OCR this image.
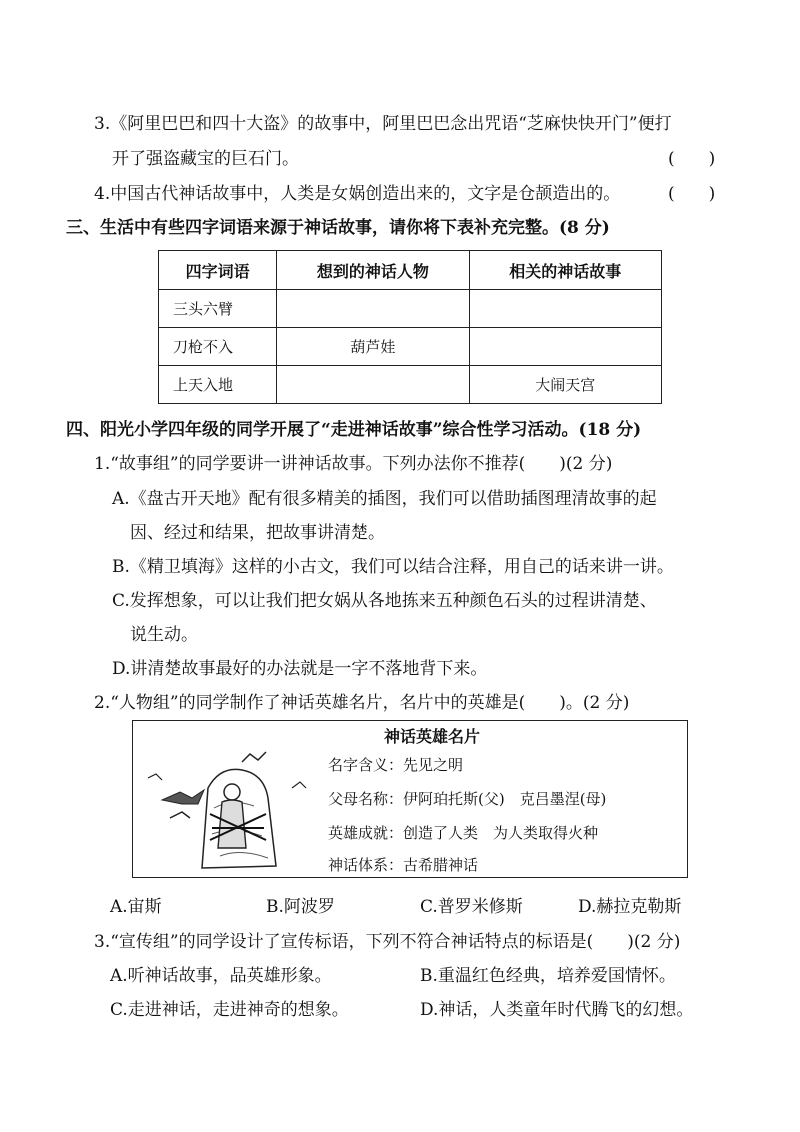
3.《阿里巴巴和四十大盗》的故事中，阿里巴巴念出咒语“芝麻快快开门”便打
开了强盗藏宝的巨石门。	(　　)
4.中国古代神话故事中，人类是女娲创造出来的，文字是仓颉造出的。	(　　)
三、生活中有些四字词语来源于神话故事，请你将下表补充完整。(8 分)
四字词语	想到的神话人物	相关的神话故事
三头六臂		
刀枪不入	葫芦娃	
上天入地		大闹天宫
四、阳光小学四年级的同学开展了“走进神话故事”综合性学习活动。(18 分)
1.“故事组”的同学要讲一讲神话故事。下列办法你不推荐(　　)(2 分)
A.《盘古开天地》配有很多精美的插图，我们可以借助插图理清故事的起
因、经过和结果，把故事讲清楚。
B.《精卫填海》这样的小古文，我们可以结合注释，用自己的话来讲一讲。
C.发挥想象，可以让我们把女娲从各地拣来五种颜色石头的过程讲清楚、
说生动。
D.讲清楚故事最好的办法就是一字不落地背下来。
2.“人物组”的同学制作了神话英雄名片，名片中的英雄是(　　)。(2 分)
神话英雄名片
名字含义：先见之明
父母名称：伊阿珀托斯(父)　克吕墨涅(母)
英雄成就：创造了人类　为人类取得火种
神话体系：古希腊神话
A.宙斯	B.阿波罗	C.普罗米修斯	D.赫拉克勒斯
3.“宣传组”的同学设计了宣传标语，下列不符合神话特点的标语是(　　)(2 分)
A.听神话故事，品英雄形象。	B.重温红色经典，培养爱国情怀。
C.走进神话，走进神奇的想象。	D.神话，人类童年时代腾飞的幻想。
